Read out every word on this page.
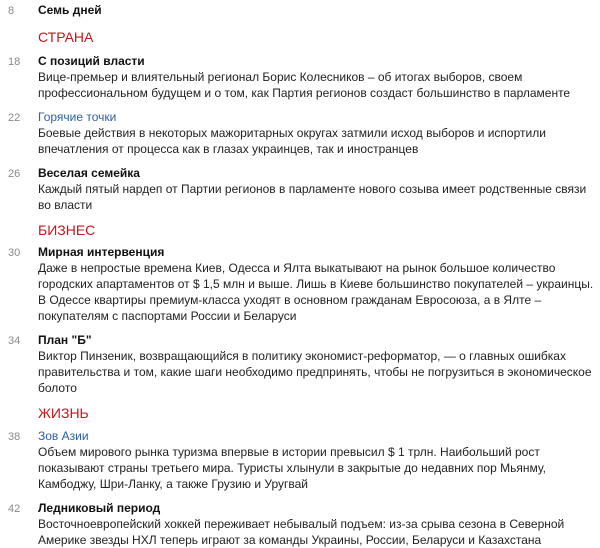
8 Семь дней
СТРАНА
18 С позиций власти
Вице-премьер и влиятельный регионал Борис Колесников – об итогах выборов, своем профессиональном будущем и о том, как Партия регионов создаст большинство в парламенте
22 Горячие точки
Боевые действия в некоторых мажоритарных округах затмили исход выборов и испортили впечатления от процесса как в глазах украинцев, так и иностранцев
26 Веселая семейка
Каждый пятый нардеп от Партии регионов в парламенте нового созыва имеет родственные связи во власти
БИЗНЕС
30 Мирная интервенция
Даже в непростые времена Киев, Одесса и Ялта выкатывают на рынок большое количество городских апартаментов от $ 1,5 млн и выше. Лишь в Киеве большинство покупателей – украинцы. В Одессе квартиры премиум-класса уходят в основном гражданам Евросоюза, а в Ялте – покупателям с паспортами России и Беларуси
34 План "Б"
Виктор Пинзеник, возвращающийся в политику экономист-реформатор, — о главных ошибках правительства и том, какие шаги необходимо предпринять, чтобы не погрузиться в экономическое болото
ЖИЗНЬ
38 Зов Азии
Объем мирового рынка туризма впервые в истории превысил $ 1 трлн. Наибольший рост показывают страны третьего мира. Туристы хлынули в закрытые до недавних пор Мьянму, Камбоджу, Шри-Ланку, а также Грузию и Уругвай
42 Ледниковый период
Восточноевропейский хоккей переживает небывалый подъем: из-за срыва сезона в Северной Америке звезды НХЛ теперь играют за команды Украины, России, Беларуси и Казахстана
